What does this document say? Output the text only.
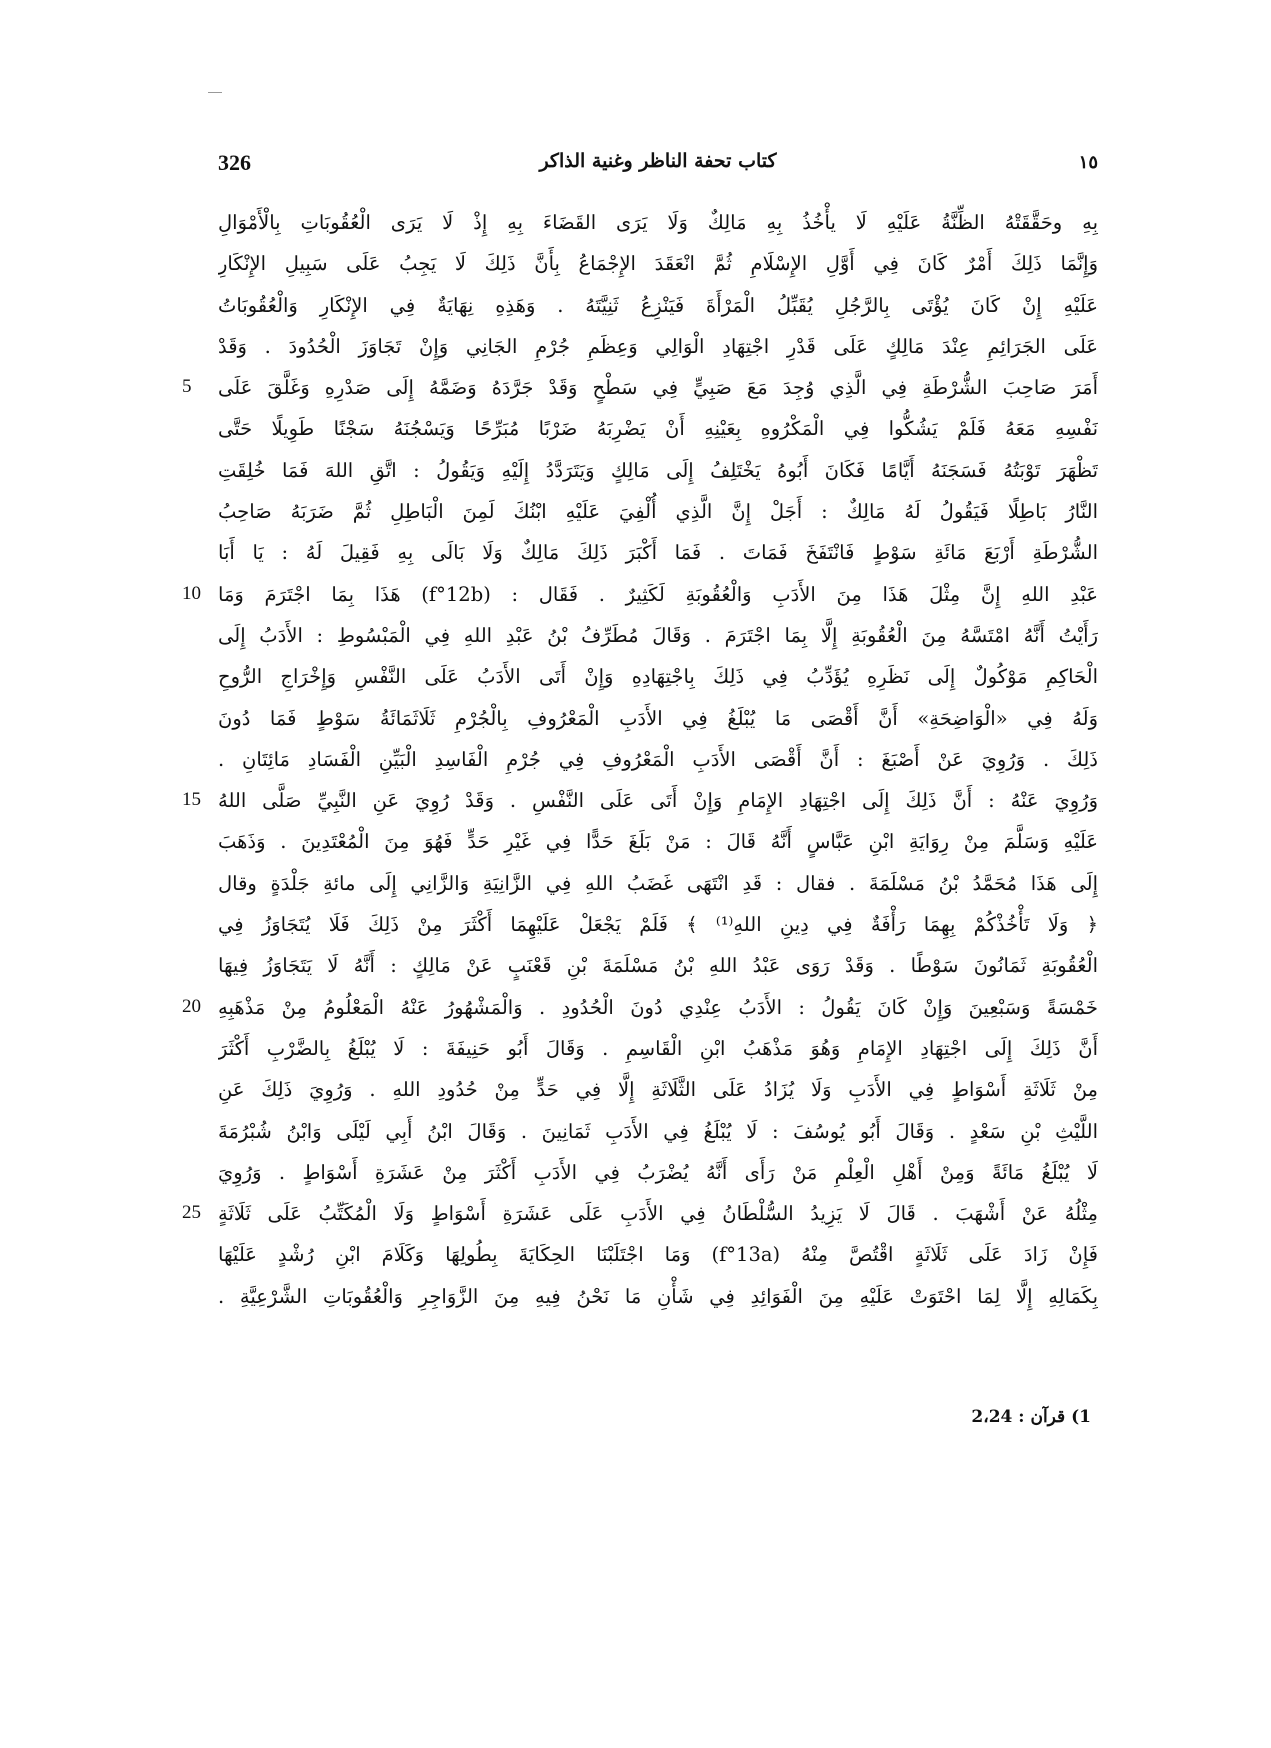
326	كتاب تحفة الناظر وغنية الذاكر	١٥
بِهِ وحَقَّقَتْهُ الظِّنَّةُ عَلَيْهِ لَا يأْخُذُ بِهِ مَالِكٌ وَلَا يَرَى القَضَاءَ بِهِ إِذْ لَا يَرَى الْعُقُوبَاتِ بِالْأَمْوَالِ
وَإِنَّمَا ذَلِكَ أَمْرٌ كَانَ فِي أَوَّلِ الإِسْلَامِ ثُمَّ انْعَقَدَ الإِجْمَاعُ بِأَنَّ ذَلِكَ لَا يَجِبُ عَلَى سَبِيلِ الإِنْكَارِ
عَلَيْهِ إِنْ كَانَ يُؤْتَى بِالرَّجُلِ يُقَبِّلُ الْمَرْأَةَ فَيَنْزِعُ ثَنِيَّتَهُ . وَهَذِهِ نِهَايَةٌ فِي الإِنْكَارِ وَالْعُقُوبَاتُ
عَلَى الجَرَائِمِ عِنْدَ مَالِكٍ عَلَى قَدْرِ اجْتِهَادِ الْوَالِي وَعِظَمِ جُرْمِ الجَانِي وَإِنْ تَجَاوَزَ الْحُدُودَ . وَقَدْ
أَمَرَ صَاحِبَ الشُّرْطَةِ فِي الَّذِي وُجِدَ مَعَ صَبِيٍّ فِي سَطْحٍ وَقَدْ جَرَّدَهُ وَضَمَّهُ إِلَى صَدْرِهِ وَغَلَّقَ عَلَى
نَفْسِهِ مَعَهُ فَلَمْ يَشُكُّوا فِي الْمَكْرُوهِ بِعَيْنِهِ أَنْ يَضْرِبَهُ ضَرْبًا مُبَرِّحًا وَيَسْجُنَهُ سَجْنًا طَوِيلًا حَتَّى
تَظْهَرَ تَوْبَتُهُ فَسَجَنَهُ أَيَّامًا فَكَانَ أَبُوهُ يَخْتَلِفُ إِلَى مَالِكٍ وَيَتَرَدَّدُ إِلَيْهِ وَيَقُولُ : اتَّقِ اللهَ فَمَا خُلِقَتِ
النَّارُ بَاطِلًا فَيَقُولُ لَهُ مَالِكٌ : أَجَلْ إِنَّ الَّذِي أُلْفِيَ عَلَيْهِ ابْنُكَ لَمِنَ الْبَاطِلِ ثُمَّ ضَرَبَهُ صَاحِبُ
الشُّرْطَةِ أَرْبَعَ مَائَةِ سَوْطٍ فَانْتَفَخَ فَمَاتَ . فَمَا أَكْبَرَ ذَلِكَ مَالِكٌ وَلَا بَالَى بِهِ فَقِيلَ لَهُ : يَا أَبَا
عَبْدِ اللهِ إِنَّ مِثْلَ هَذَا مِنَ الأَدَبِ وَالْعُقُوبَةِ لَكَثِيرٌ . فَقَال : (f°12b) هَذَا بِمَا اجْتَرَمَ وَمَا
رَأَيْتُ أَنَّهُ امْتَسَّهُ مِنَ الْعُقُوبَةِ إِلَّا بِمَا اجْتَرَمَ . وَقَالَ مُطَرِّفُ بْنُ عَبْدِ اللهِ فِي الْمَبْسُوطِ : الأَدَبُ إِلَى
الْحَاكِمِ مَوْكُولٌ إِلَى نَظَرِهِ يُؤَدِّبُ فِي ذَلِكَ بِاجْتِهَادِهِ وَإِنْ أَتَى الأَدَبُ عَلَى النَّفْسِ وَإِخْرَاجِ الرُّوحِ
وَلَهُ فِي «الْوَاضِحَةِ» أَنَّ أَقْصَى مَا يُبْلَغُ فِي الأَدَبِ الْمَعْرُوفِ بِالْجُرْمِ ثَلَاثَمَائَةُ سَوْطٍ فَمَا دُونَ
ذَلِكَ . وَرُوِيَ عَنْ أَصْبَغَ : أَنَّ أَقْصَى الأَدَبِ الْمَعْرُوفِ فِي جُرْمِ الْفَاسِدِ الْبَيِّنِ الْفَسَادِ مَائِتَانِ .
وَرُوِيَ عَنْهُ : أَنَّ ذَلِكَ إِلَى اجْتِهَادِ الإِمَامِ وَإِنْ أَتَى عَلَى النَّفْسِ . وَقَدْ رُوِيَ عَنِ النَّبِيِّ صَلَّى اللهُ
عَلَيْهِ وَسَلَّمَ مِنْ رِوَايَةِ ابْنِ عَبَّاسٍ أَنَّهُ قَالَ : مَنْ بَلَغَ حَدًّا فِي غَيْرِ حَدٍّ فَهُوَ مِنَ الْمُعْتَدِينَ . وَذَهَبَ
إِلَى هَذَا مُحَمَّدُ بْنُ مَسْلَمَةَ . فقال : قَدِ انْتَهَى غَضَبُ اللهِ فِي الزَّانِيَةِ وَالزَّانِي إِلَى مائةِ جَلْدَةٍ وقال
﴿ وَلَا تَأْخُذْكُمْ بِهِمَا رَأْفَةٌ فِي دِينِ اللهِ⁽¹⁾ ﴾ فَلَمْ يَجْعَلْ عَلَيْهِمَا أَكْثَرَ مِنْ ذَلِكَ فَلَا يُتَجَاوَزُ فِي
الْعُقُوبَةِ ثَمَانُونَ سَوْطًا . وَقَدْ رَوَى عَبْدُ اللهِ بْنُ مَسْلَمَةَ بْنِ قَعْنَبٍ عَنْ مَالِكٍ : أَنَّهُ لَا يَتَجَاوَزُ فِيهَا
خَمْسَةً وَسَبْعِينَ وَإِنْ كَانَ يَقُولُ : الأَدَبُ عِنْدِي دُونَ الْحُدُودِ . وَالْمَشْهُورُ عَنْهُ الْمَعْلُومُ مِنْ مَذْهَبِهِ
أَنَّ ذَلِكَ إِلَى اجْتِهَادِ الإِمَامِ وَهُوَ مَذْهَبُ ابْنِ الْقَاسِمِ . وَقَالَ أَبُو حَنِيفَةَ : لَا يُبْلَغُ بِالضَّرْبِ أَكْثَرَ
مِنْ ثَلَاثَةِ أَسْوَاطٍ فِي الأَدَبِ وَلَا يُزَادُ عَلَى الثَّلَاثَةِ إِلَّا فِي حَدٍّ مِنْ حُدُودِ اللهِ . وَرُوِيَ ذَلِكَ عَنِ
اللَّيْثِ بْنِ سَعْدٍ . وَقَالَ أَبُو يُوسُفَ : لَا يُبْلَغُ فِي الأَدَبِ ثَمَانِينَ . وَقَالَ ابْنُ أَبِي لَيْلَى وَابْنُ شُبْرُمَةَ
لَا يُبْلَغُ مَائَةً وَمِنْ أَهْلِ الْعِلْمِ مَنْ رَأَى أَنَّهُ يُضْرَبُ فِي الأَدَبِ أَكْثَرَ مِنْ عَشَرَةِ أَسْوَاطٍ . وَرُوِيَ
مِثْلُهُ عَنْ أَشْهَبَ . قَالَ لَا يَزِيدُ السُّلْطَانُ فِي الأَدَبِ عَلَى عَشَرَةِ أَسْوَاطٍ وَلَا الْمُكَتِّبُ عَلَى ثَلَاثَةٍ
فَإِنْ زَادَ عَلَى ثَلَاثَةٍ اقْتُصَّ مِنْهُ (f°13a) وَمَا اجْتَلَبْنَا الحِكَايَةَ بِطُولِهَا وَكَلَامَ ابْنِ رُشْدٍ عَلَيْهَا
بِكَمَالِهِ إِلَّا لِمَا احْتَوَتْ عَلَيْهِ مِنَ الْفَوَائِدِ فِي شَأْنِ مَا نَحْنُ فِيهِ مِنَ الزَّوَاجِرِ وَالْعُقُوبَاتِ الشَّرْعِيَّةِ .
5
10
15
20
25
1) قرآن : 2،24
